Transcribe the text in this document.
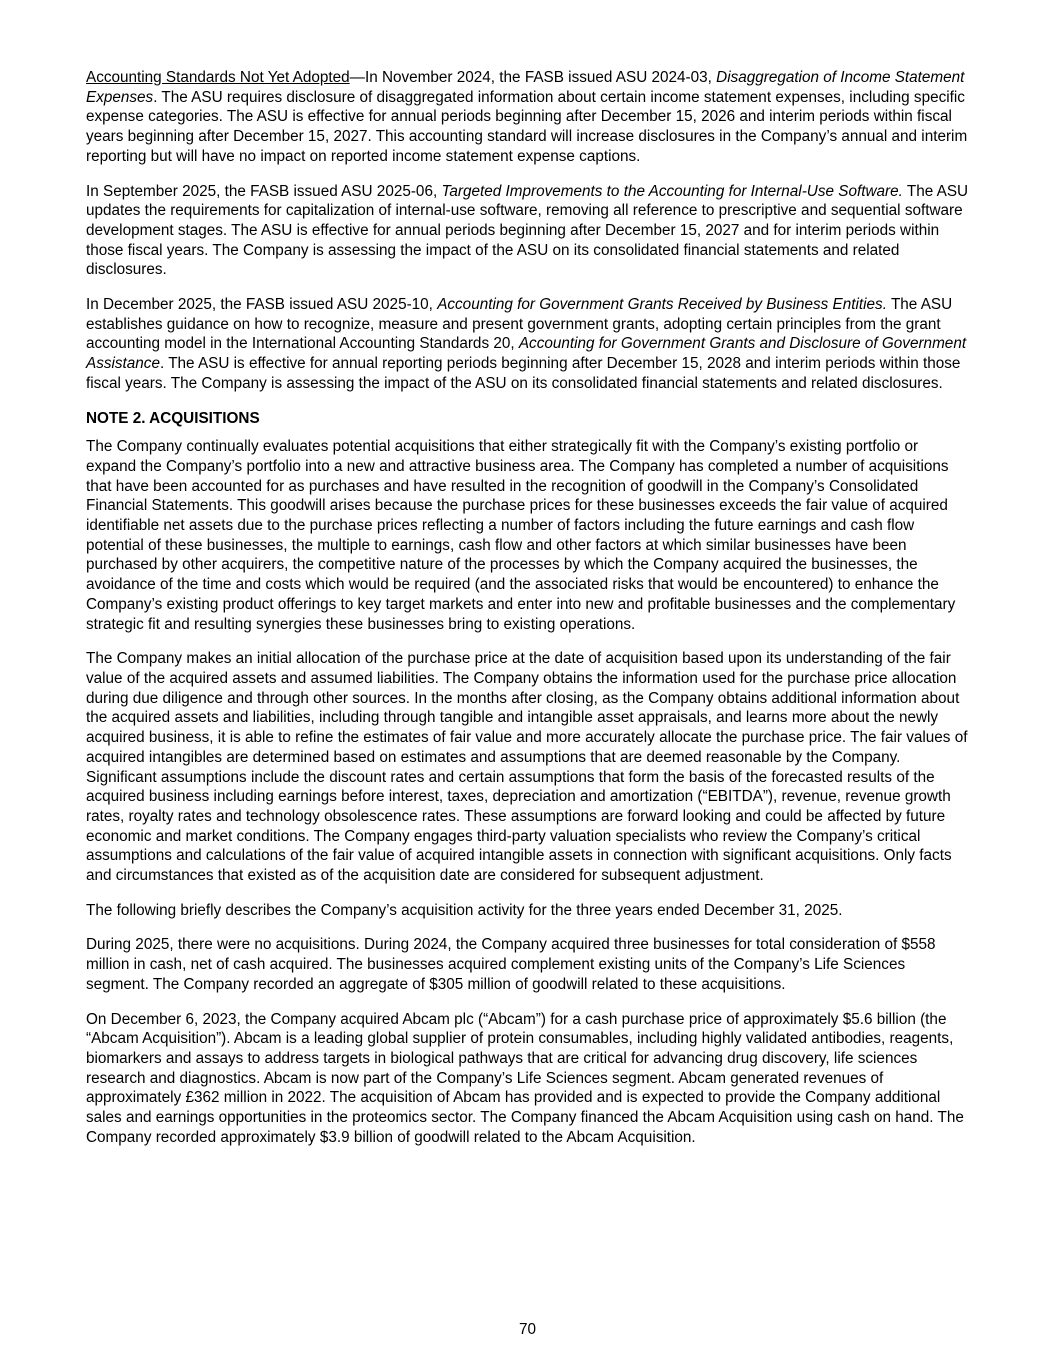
Accounting Standards Not Yet Adopted—In November 2024, the FASB issued ASU 2024-03, Disaggregation of Income Statement Expenses. The ASU requires disclosure of disaggregated information about certain income statement expenses, including specific expense categories. The ASU is effective for annual periods beginning after December 15, 2026 and interim periods within fiscal years beginning after December 15, 2027. This accounting standard will increase disclosures in the Company’s annual and interim reporting but will have no impact on reported income statement expense captions.

In September 2025, the FASB issued ASU 2025-06, Targeted Improvements to the Accounting for Internal-Use Software. The ASU updates the requirements for capitalization of internal-use software, removing all reference to prescriptive and sequential software development stages. The ASU is effective for annual periods beginning after December 15, 2027 and for interim periods within those fiscal years. The Company is assessing the impact of the ASU on its consolidated financial statements and related disclosures.

In December 2025, the FASB issued ASU 2025-10, Accounting for Government Grants Received by Business Entities. The ASU establishes guidance on how to recognize, measure and present government grants, adopting certain principles from the grant accounting model in the International Accounting Standards 20, Accounting for Government Grants and Disclosure of Government Assistance. The ASU is effective for annual reporting periods beginning after December 15, 2028 and interim periods within those fiscal years. The Company is assessing the impact of the ASU on its consolidated financial statements and related disclosures.

NOTE 2. ACQUISITIONS

The Company continually evaluates potential acquisitions that either strategically fit with the Company’s existing portfolio or expand the Company’s portfolio into a new and attractive business area. The Company has completed a number of acquisitions that have been accounted for as purchases and have resulted in the recognition of goodwill in the Company’s Consolidated Financial Statements. This goodwill arises because the purchase prices for these businesses exceeds the fair value of acquired identifiable net assets due to the purchase prices reflecting a number of factors including the future earnings and cash flow potential of these businesses, the multiple to earnings, cash flow and other factors at which similar businesses have been purchased by other acquirers, the competitive nature of the processes by which the Company acquired the businesses, the avoidance of the time and costs which would be required (and the associated risks that would be encountered) to enhance the Company’s existing product offerings to key target markets and enter into new and profitable businesses and the complementary strategic fit and resulting synergies these businesses bring to existing operations.

The Company makes an initial allocation of the purchase price at the date of acquisition based upon its understanding of the fair value of the acquired assets and assumed liabilities. The Company obtains the information used for the purchase price allocation during due diligence and through other sources. In the months after closing, as the Company obtains additional information about the acquired assets and liabilities, including through tangible and intangible asset appraisals, and learns more about the newly acquired business, it is able to refine the estimates of fair value and more accurately allocate the purchase price. The fair values of acquired intangibles are determined based on estimates and assumptions that are deemed reasonable by the Company. Significant assumptions include the discount rates and certain assumptions that form the basis of the forecasted results of the acquired business including earnings before interest, taxes, depreciation and amortization (“EBITDA”), revenue, revenue growth rates, royalty rates and technology obsolescence rates. These assumptions are forward looking and could be affected by future economic and market conditions. The Company engages third-party valuation specialists who review the Company’s critical assumptions and calculations of the fair value of acquired intangible assets in connection with significant acquisitions. Only facts and circumstances that existed as of the acquisition date are considered for subsequent adjustment.

The following briefly describes the Company’s acquisition activity for the three years ended December 31, 2025.

During 2025, there were no acquisitions. During 2024, the Company acquired three businesses for total consideration of $558 million in cash, net of cash acquired. The businesses acquired complement existing units of the Company’s Life Sciences segment. The Company recorded an aggregate of $305 million of goodwill related to these acquisitions.

On December 6, 2023, the Company acquired Abcam plc (“Abcam”) for a cash purchase price of approximately $5.6 billion (the “Abcam Acquisition”). Abcam is a leading global supplier of protein consumables, including highly validated antibodies, reagents, biomarkers and assays to address targets in biological pathways that are critical for advancing drug discovery, life sciences research and diagnostics. Abcam is now part of the Company’s Life Sciences segment. Abcam generated revenues of approximately £362 million in 2022. The acquisition of Abcam has provided and is expected to provide the Company additional sales and earnings opportunities in the proteomics sector. The Company financed the Abcam Acquisition using cash on hand. The Company recorded approximately $3.9 billion of goodwill related to the Abcam Acquisition.

70
